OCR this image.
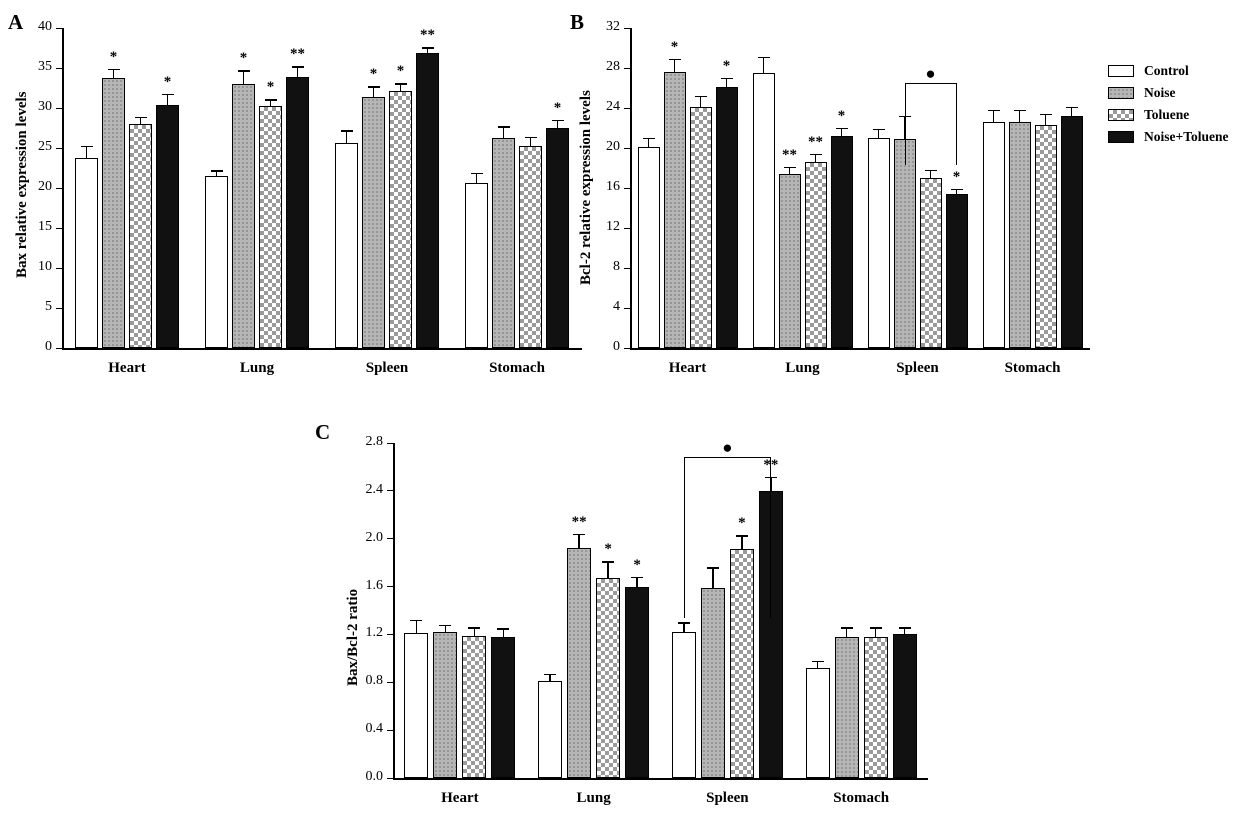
A
Bax relative expression levels
0
5
10
15
20
25
30
35
40
*
*
Heart
*
*
**
Lung
*	*
**
Spleen
*
Stomach
B
Bcl-2 relative expression levels
0
4
8
12
16
20
24
28
32
*
*
Heart
**
**
*
Lung
*
Spleen	Stomach
●
C
Bax/Bcl-2 ratio
0.0
0.4
0.8
1.2
1.6
2.0
2.4
2.8
Heart
**
*
*
Lung
*
**
Spleen	Stomach
●
Control
Noise
Toluene
Noise+Toluene
